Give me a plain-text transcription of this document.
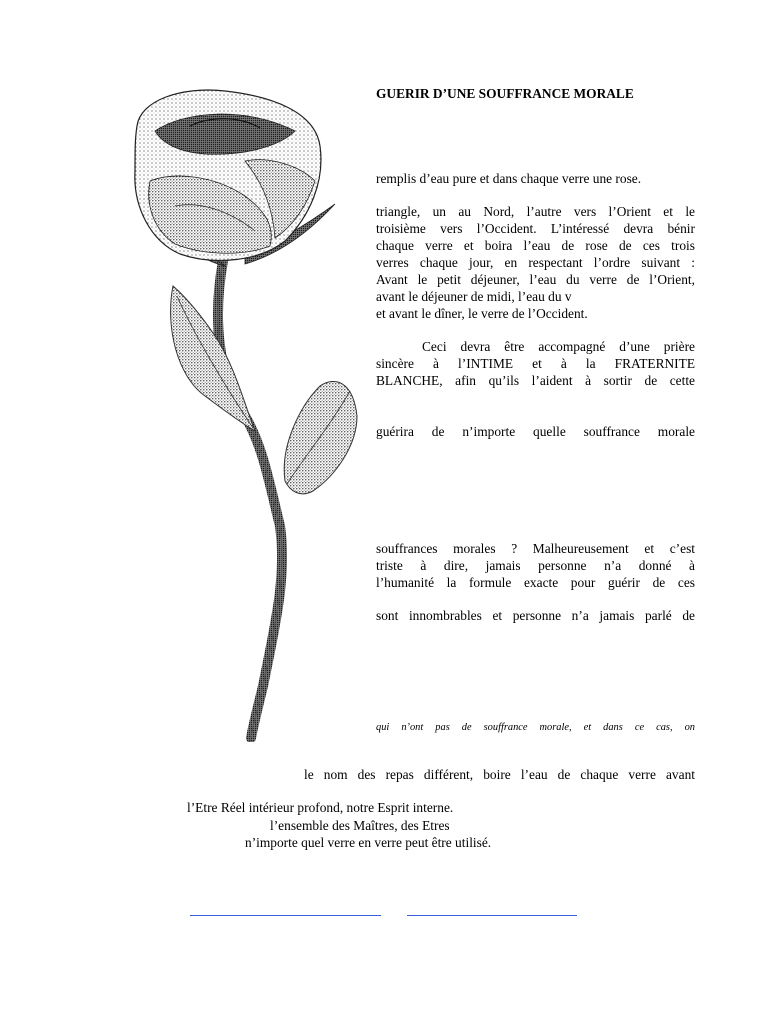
GUERIR D’UNE SOUFFRANCE MORALE

remplis d’eau pure et dans chaque verre une rose.

triangle, un au Nord, l’autre vers l’Orient et le

troisième vers l’Occident. L’intéressé devra bénir

chaque verre et boira l’eau de rose de ces trois

verres chaque jour, en respectant l’ordre suivant :

Avant le petit déjeuner, l’eau du verre de l’Orient,

avant le déjeuner de midi, l’eau du v

et avant le dîner, le verre de l’Occident.

Ceci devra être accompagné d’une prière

sincère à l’INTIME et à la FRATERNITE

BLANCHE, afin qu’ils l’aident à sortir de cette

guérira de n’importe quelle souffrance morale

souffrances morales ? Malheureusement et c’est

triste à dire, jamais personne n’a donné à

l’humanité la formule exacte pour guérir de ces

sont innombrables et personne n’a jamais parlé de

qui n’ont pas de souffrance morale, et dans ce cas, on

le nom des repas différent, boire l’eau de chaque verre avant

l’Etre Réel intérieur profond, notre Esprit interne.

l’ensemble des Maîtres, des Etres

n’importe quel verre en verre peut être utilisé.
